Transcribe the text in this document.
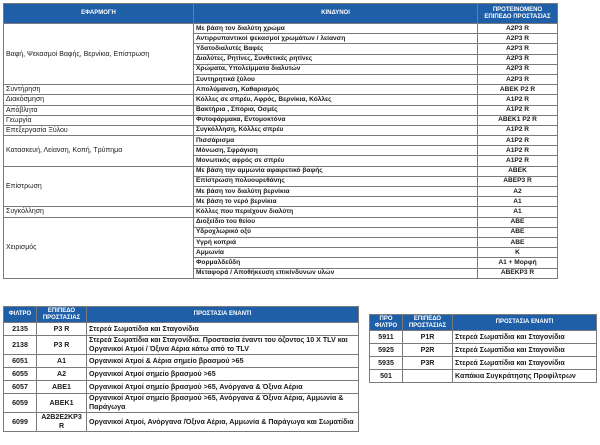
ΕΦΑΡΜΟΓΗ	ΚΙΝΔΥΝΟΙ	ΠΡΟΤΕΙΝΟΜΕΝΟ ΕΠΙΠΕΔΟ ΠΡΟΣΤΑΣΙΑΣ
Βαφή, Ψεκασμοί Βαφής, Βερνίκια, Επίστρωση	Με βάση τον διαλύτη χρώμα	A2P3 R
	Αντιρρυπαντικοί ψεκασμοί χρωμάτων / λείανση	A2P3 R
	Υδατοδιαλυτές Βαφές	A2P3 R
	Διαλύτες, Ρητίνες, Συνθετικές ρητίνες	A2P3 R
	Χρώματα, Υπολείμματα διαλυτών	A2P3 R
	Συντηρητικά ξύλου	A2P3 R
Συντήρηση	Απολύμανση, Καθαρισμός	ABEK P2 R
Διακόσμηση	Κόλλες σε σπρέυ, Αφρός, Βερνίκια, Κόλλες	A1P2 R
Απόβλητα	Βακτήρια , Σπόρια, Οσμές	A1P2 R
Γεωργία	Φυτοφάρμακα, Εντομοκτόνα	ABEK1 P2 R
Επεξεργασία Ξύλου	Συγκόλληση, Κόλλες σπρέυ	A1P2 R
Κατασκευή, Λείανση, Κοπή, Τρύπημα	Πισσάρισμα	A1P2 R
	Μόνωση, Σφράγιση	A1P2 R
	Μονωτικός αφρός σε σπρέυ	A1P2 R
Επίστρωση	Με βάση την αμμωνία αφαιρετικό βαφής	ABEK
	Επίστρωση πολυουρεθάνης	ABEP3 R
	Με βάση τον διαλύτη βερνίκια	A2
	Με βάση το νερό βερνίκια	A1
Συγκόλληση	Κόλλες που περιέχουν διαλύτη	A1
Χειρισμός	Διοξείδιο του θείου	ABE
	Υδροχλωρικό οξύ	ABE
	Υγρή κοπριά	ABE
	Αμμωνία	K
	Φορμαλδεΰδη	A1 + Μορφή
	Μεταφορά / Αποθήκευση επικίνδυνων υλών	ABEKP3 R
ΦΙΛΤΡΟ	ΕΠΙΠΕΔΟ ΠΡΟΣΤΑΣΙΑΣ	ΠΡΟΣΤΑΣΙΑ ΕΝΑΝΤΙ
2135	P3 R	Στερεά Σωματίδια και Σταγονίδια
2138	P3 R	Στερεά Σωματίδια και Σταγονίδια. Προστασία έναντι του όζοντος 10 X TLV και Οργανικοί Ατμοί / Όξινα Αέρια κάτω από το TLV
6051	A1	Οργανικοί Ατμοί & Αέρια σημείο βρασμού >65
6055	A2	Οργανικοί Ατμοί σημείο βρασμού >65
6057	ABE1	Οργανικοί Ατμοί σημείο βρασμού >65, Ανόργανα & Όξινα Αέρια
6059	ABEK1	Οργανικοί Ατμοί σημείο βρασμού >65, Ανόργανα & Όξινα Αέρια, Αμμωνία & Παράγωγα
6099	A2B2E2KP3 R	Οργανικοί Ατμοί, Ανόργανα /Όξινα Αέρια, Αμμωνία & Παράγωγα και Σωματίδια
ΠΡΟ ΦΙΛΤΡΟ	ΕΠΙΠΕΔΟ ΠΡΟΣΤΑΣΙΑΣ	ΠΡΟΣΤΑΣΙΑ ΕΝΑΝΤΙ
5911	P1R	Στερεά Σωματίδια και Σταγονίδια
5925	P2R	Στερεά Σωματίδια και Σταγονίδια
5935	P3R	Στερεά Σωματίδια και Σταγονίδια
501		Καπάκια Συγκράτησης Προφίλτρων
